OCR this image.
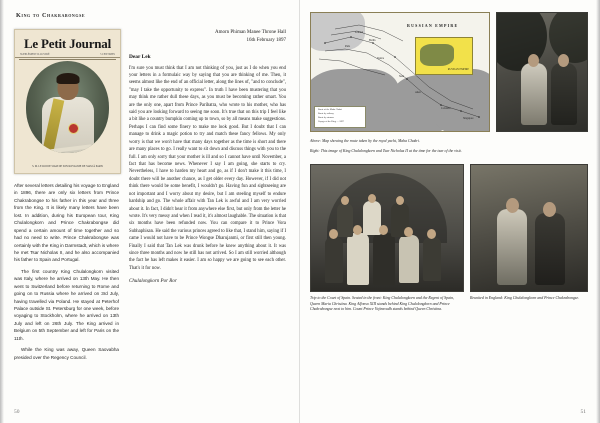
King to Chakrabongse
Le Petit Journal
SUPPLÉMENT ILLUSTRÉ	5 CENTIMES
S. M. LE ROI DE SIAM DE SON ROYAUME DE SIAM À PARIS

After several letters detailing his voyage to England in 1896, there are only six letters from Prince Chakrabongse to his father in this year and three from the King. It is likely many letters have been lost. In addition, during his European tour, King Chulalongkorn and Prince Chakrabongse did spend a certain amount of time together and so had no need to write. Prince Chakrabongse was certainly with the King in Darmstadt, which is where he met Tsar Nicholas II, and he also accompanied his father to Spain and Portugal.

The first country King Chulalongkorn visited was Italy, where he arrived on 13th May. He then went to Switzerland before returning to Rome and going on to Russia where he arrived on 3rd July, having travelled via Poland. He stayed at Peterhof Palace outside St. Petersburg for one week, before voyaging to Stockholm, where he arrived on 13th July and left on 26th July. The King arrived in Belgium on 5th September and left for Paris on the 11th.

While the King was away, Queen Saovabha presided over the Regency Council.

Amorn Phiman Manee Throne Hall
16th February 1897
Dear Lek

I'm sure you must think that I am not thinking of you, just as I do when you end your letters in a formulaic way by saying that you are thinking of me. Then, it seems almost like the end of an official letter, along the lines of, "and to conclude", "may I take the opportunity to express". In truth I have been mustering that you may think me rather dull these days, as you must be becoming rather smart. You are the only one, apart from Prince Paribatra, who wrote to his mother, who has said you are looking forward to seeing me soon. It's true that on this trip I feel like a bit like a country bumpkin coming up to town, so by all means make suggestions. Perhaps I can find some finery to make me look good. But I doubt that I can manage to drink a magic potion to try and match these fancy fellows. My only worry is that we won't have that many days together as the time is short and there are many places to go. I really want to sit down and discuss things with you to the full. I am only sorry that your mother is ill and so I cannot have until November, a fact that has become news. Whenever I say I am going, she starts to cry. Nevertheless, I have to harden my heart and go, as if I don't make it this time, I doubt there will be another chance, as I get older every day. However, if I did not think there would be some benefit, I wouldn't go. Having fun and sightseeing are not important and I worry about my desire, but I am steeling myself to endure hardship and go. The whole affair with Tan Lek is awful and I am very worried about it. In fact, I didn't hear it from anywhere else first, but only from the letter he wrote. It's very messy and when I read it, it's almost laughable. The situation is that six months have been refunded now. You can compare it to Prince Vora Subhaphisan. He said the various princes agreed to like that, I stand him, saying if I came I would not have to be Prince Wongse Dharujanmi, or first still then young. Finally I said that Tan Lek was drunk before he knew anything about it. It was since three months and now he still has not arrived. So I am still worried although the fact he has left makes it easier. I am so happy we are going to see each other. That's it for now.

Chulalongkorn Por Ror
50
RUSSIAN EMPIRE
RUSSIAN EMPIRE
Route of the Maha Chakri
Route by railway
Route by steamer
Voyage of the King — 1897
London
Paris
Berlin
Venice
Suez
Aden
Colombo
Singapore

Above: Map showing the route taken by the royal yacht, Maha Chakri.

Right: This image of King Chulalongkorn and Tsar Nicholas II at the time for the tsar of the visit.

Trip to the Court of Spain. Seated in the front: King Chulalongkorn and the Regent of Spain, Queen Maria Christina. King Alfonso XIII stands behind King Chulalongkorn and Prince Chakrabongse next to him. Count Prince Vajiravudh stands behind Queen Christina.

Reunited in England: King Chulalongkorn and Prince Chakrabongse.

51
